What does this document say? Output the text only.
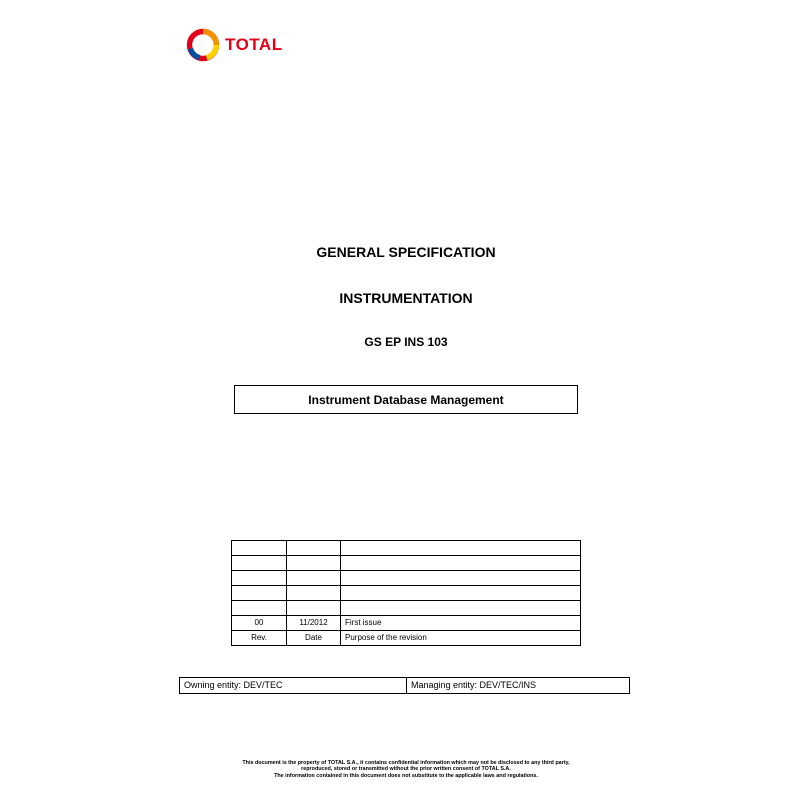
TOTAL
GENERAL SPECIFICATION
INSTRUMENTATION
GS EP INS 103
Instrument Database Management

00	11/2012	First issue
Rev.	Date	Purpose of the revision
Owning entity: DEV/TEC	Managing entity: DEV/TEC/INS
This document is the property of TOTAL S.A., it contains confidential information which may not be disclosed to any third party,
reproduced, stored or transmitted without the prior written consent of TOTAL S.A.
The information contained in this document does not substitute to the applicable laws and regulations.
